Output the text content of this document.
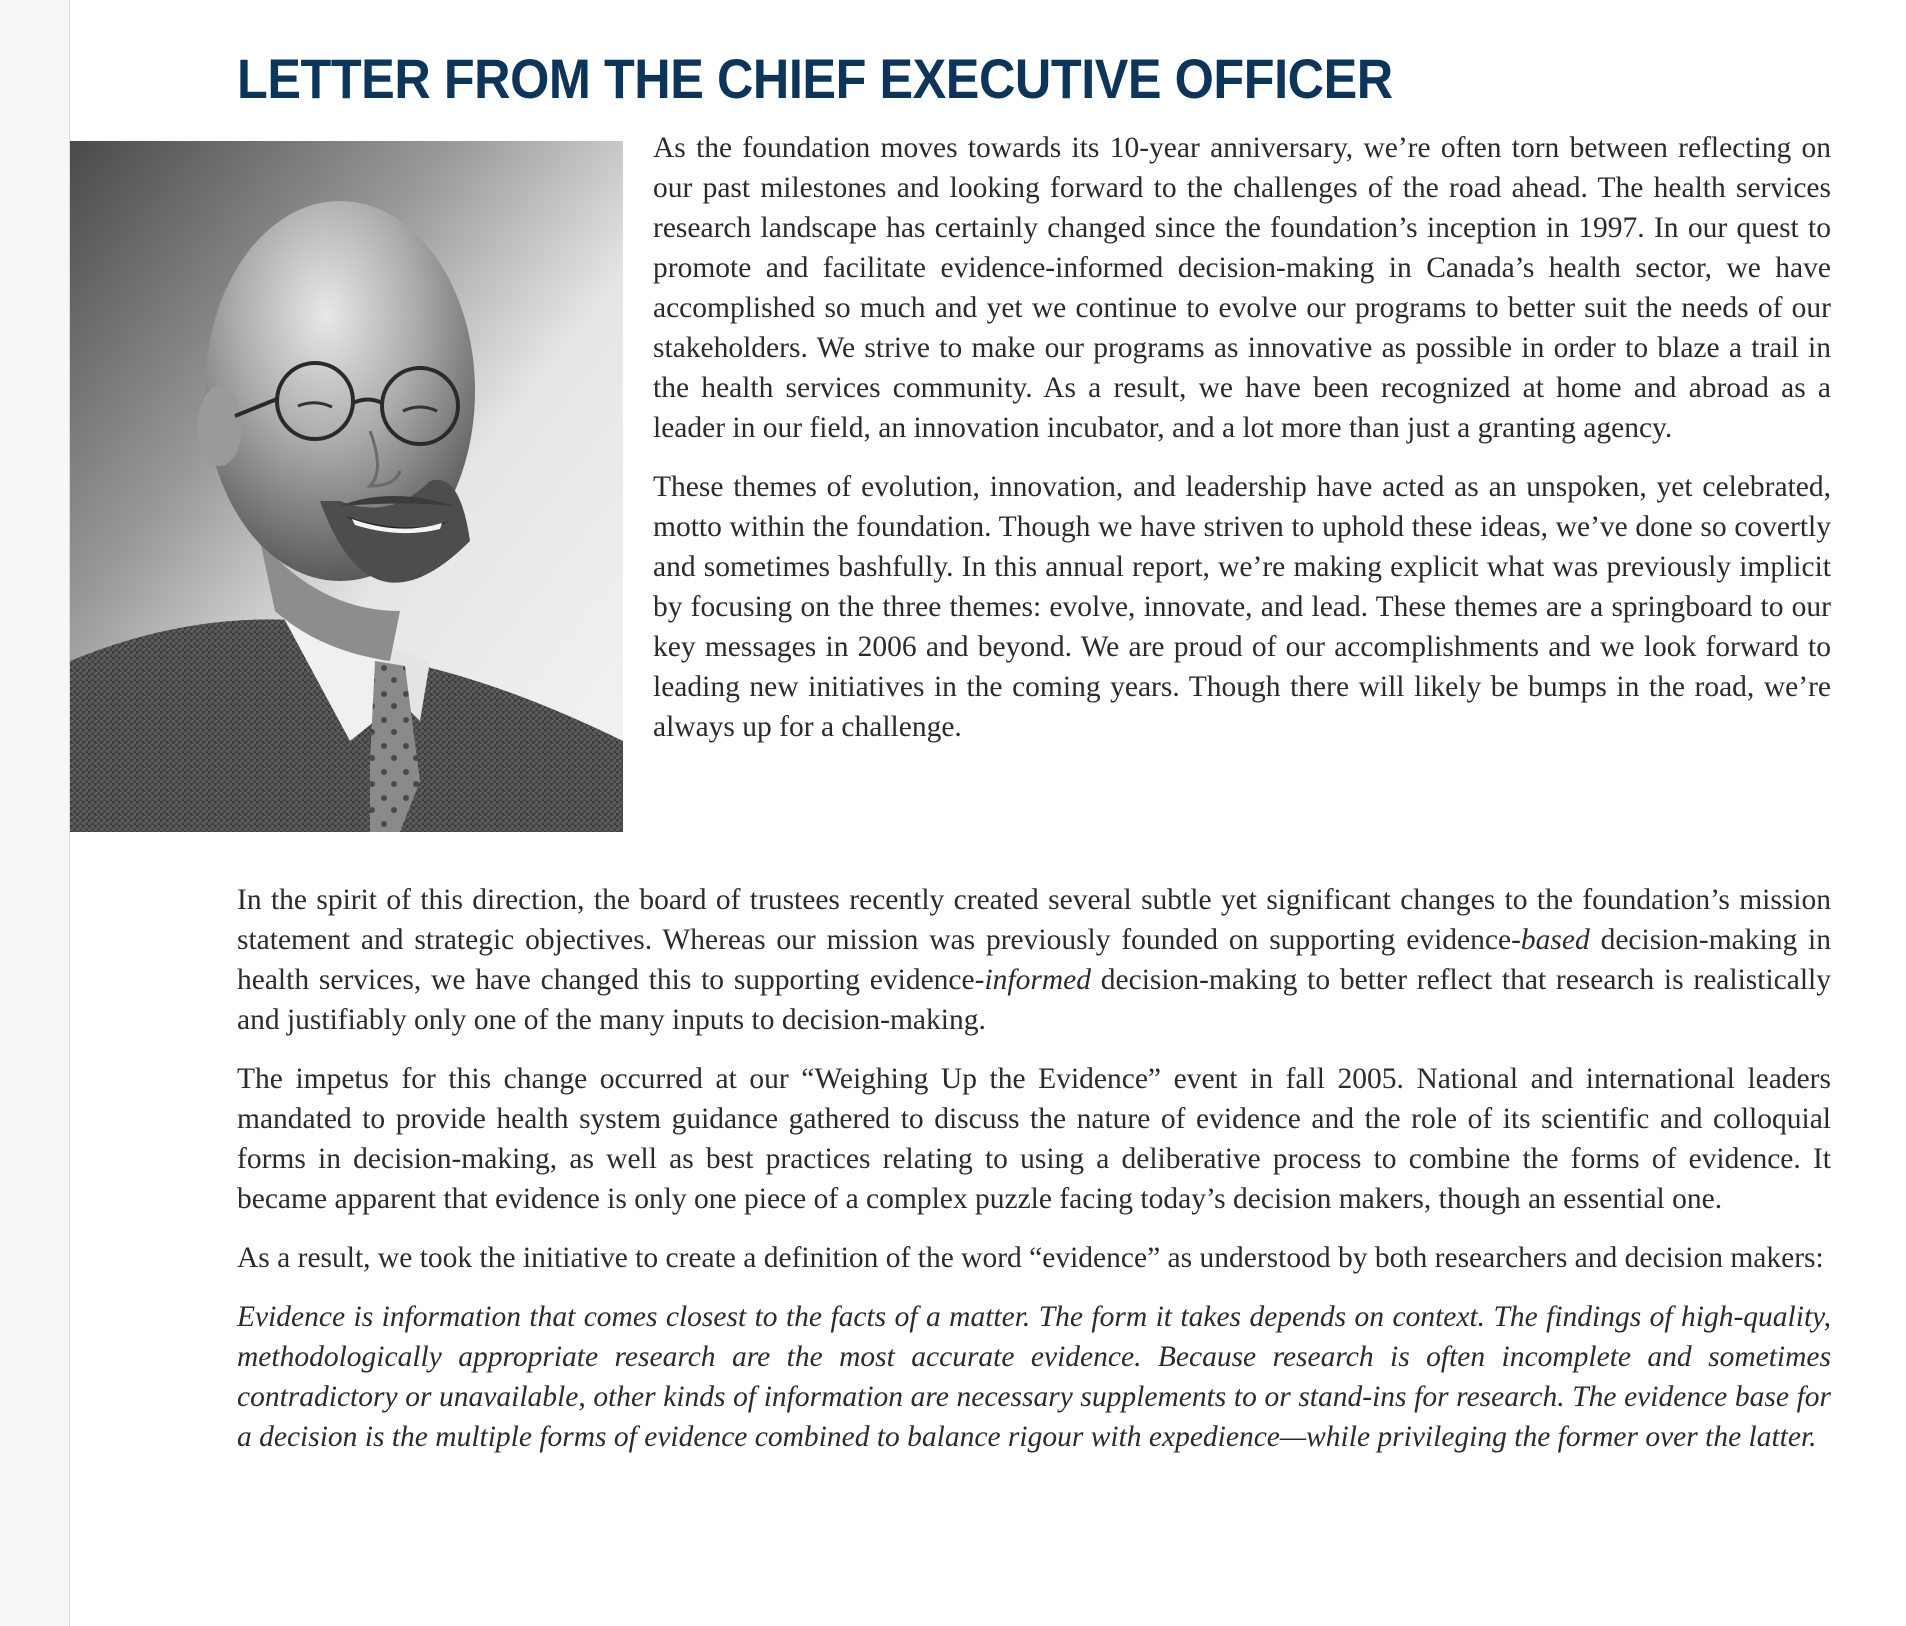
LETTER FROM THE CHIEF EXECUTIVE OFFICER

As the foundation moves towards its 10-year anniversary, we’re often torn between reflecting on our past milestones and looking forward to the challenges of the road ahead. The health services research landscape has certainly changed since the foundation’s inception in 1997. In our quest to promote and facilitate evidence-informed decision-making in Canada’s health sector, we have accomplished so much and yet we continue to evolve our programs to better suit the needs of our stakeholders. We strive to make our programs as innovative as possible in order to blaze a trail in the health services community. As a result, we have been recognized at home and abroad as a leader in our field, an innovation incubator, and a lot more than just a granting agency.

These themes of evolution, innovation, and leadership have acted as an unspoken, yet celebrated, motto within the foundation. Though we have striven to uphold these ideas, we’ve done so covertly and sometimes bashfully. In this annual report, we’re making explicit what was previously implicit by focusing on the three themes: evolve, innovate, and lead. These themes are a springboard to our key messages in 2006 and beyond. We are proud of our accomplishments and we look forward to leading new initiatives in the coming years. Though there will likely be bumps in the road, we’re always up for a challenge.

In the spirit of this direction, the board of trustees recently created several subtle yet significant changes to the foundation’s mission statement and strategic objectives. Whereas our mission was previously founded on supporting evidence-based decision-making in health services, we have changed this to supporting evidence-informed decision-making to better reflect that research is realistically and justifiably only one of the many inputs to decision-making.

The impetus for this change occurred at our “Weighing Up the Evidence” event in fall 2005. National and international leaders mandated to provide health system guidance gathered to discuss the nature of evidence and the role of its scientific and colloquial forms in decision-making, as well as best practices relating to using a deliberative process to combine the forms of evidence. It became apparent that evidence is only one piece of a complex puzzle facing today’s decision makers, though an essential one.

As a result, we took the initiative to create a definition of the word “evidence” as understood by both researchers and decision makers:

Evidence is information that comes closest to the facts of a matter. The form it takes depends on context. The findings of high-quality, methodologically appropriate research are the most accurate evidence. Because research is often incomplete and sometimes contradictory or unavailable, other kinds of information are necessary supplements to or stand-ins for research. The evidence base for a decision is the multiple forms of evidence combined to balance rigour with expedience—while privileging the former over the latter.
